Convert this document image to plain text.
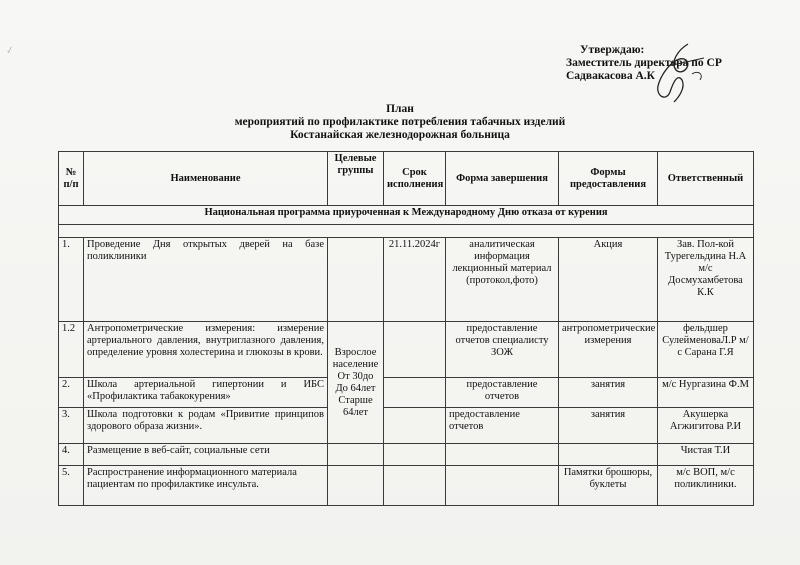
✓	Утверждаю:
Заместитель директора по СР
Садвакасова А.К
План
мероприятий по профилактике потребления табачных изделий
Костанайская железнодорожная больница
№ п/п	Наименование	Целевые группы	Срок исполнения	Форма завершения	Формы предоставления	Ответственный
Национальная программа приуроченная к Международному Дню отказа от курения						

1.	Проведение Дня открытых дверей на базе поликлиники		21.11.2024г	аналитическая информация лекционный материал (протокол,фото)	Акция	Зав. Пол-кой Турегельдина Н.А м/с Досмухамбетова К.К
1.2	Антропометрические измерения: измерение артериального давления, внутриглазного давления, определение уровня холестерина и глюкозы в крови.	Взрослое население От 30до До 64лет Старше 64лет		предоставление отчетов специалисту ЗОЖ	антропометрические измерения	фельдшер СулейменоваЛ.Р м/с Сарана Г.Я
2.	Школа артериальной гипертонии и ИБС «Профилактика табакокурения»			предоставление отчетов	занятия	м/с Нургазина Ф.М
3.	Школа подготовки к родам «Привитие принципов здорового образа жизни».			предоставление отчетов	занятия	Акушерка Агжигитова Р.И
4.	Размещение в веб-сайт, социальные сети					Чистая Т.И
5.	Распространение информационного материала пациентам по профилактике инсульта.				Памятки брошюры, буклеты	м/с ВОП, м/с поликлиники.
